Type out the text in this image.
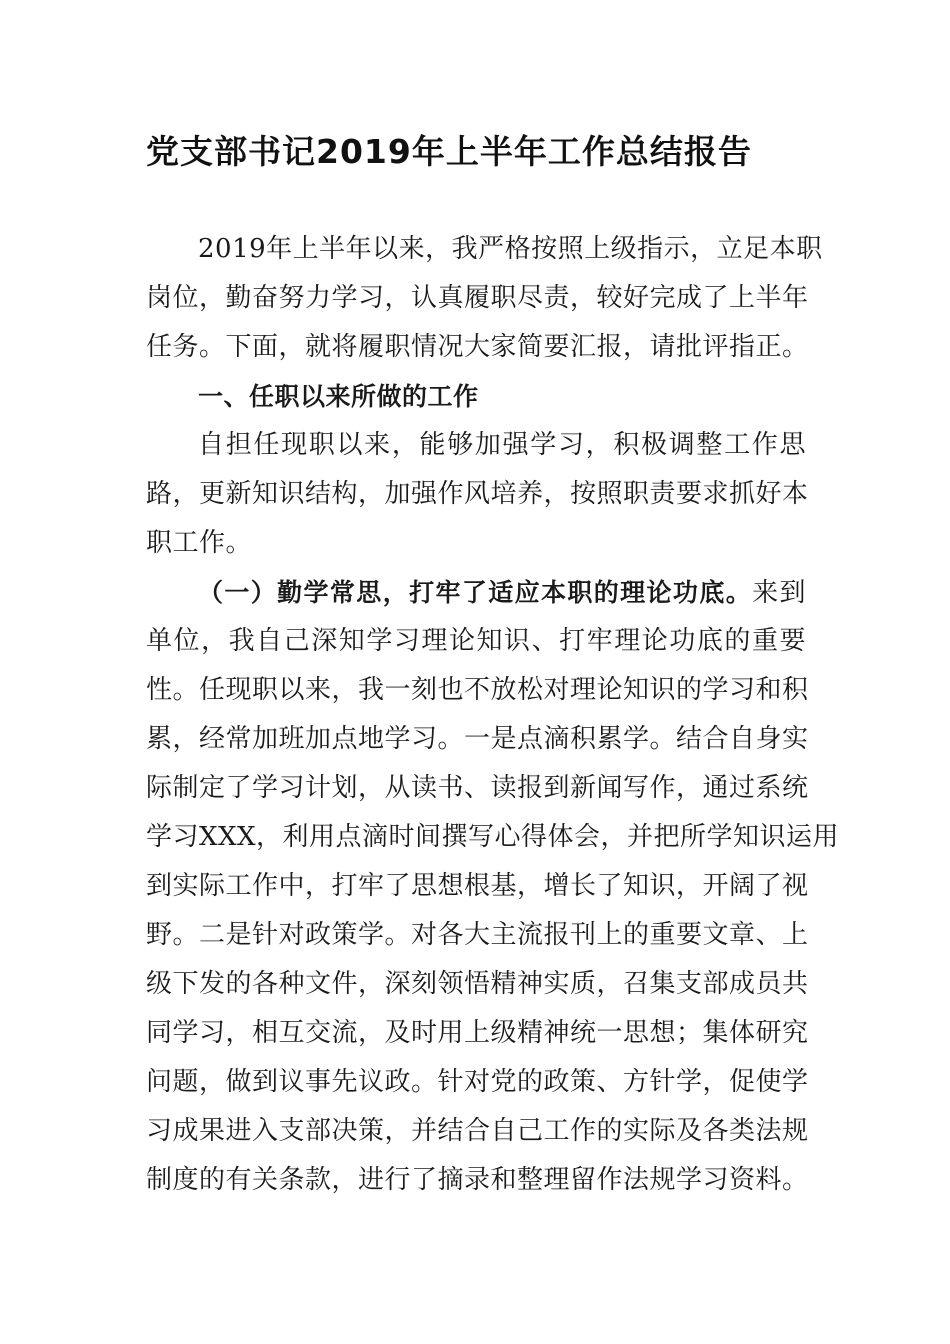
党支部书记2019年上半年工作总结报告
2019年上半年以来，我严格按照上级指示，立足本职
岗位，勤奋努力学习，认真履职尽责，较好完成了上半年
任务。下面，就将履职情况大家简要汇报，请批评指正。
一、任职以来所做的工作
自担任现职以来，能够加强学习，积极调整工作思
路，更新知识结构，加强作风培养，按照职责要求抓好本
职工作。
（一）勤学常思，打牢了适应本职的理论功底。来到
单位，我自己深知学习理论知识、打牢理论功底的重要
性。任现职以来，我一刻也不放松对理论知识的学习和积
累，经常加班加点地学习。一是点滴积累学。结合自身实
际制定了学习计划，从读书、读报到新闻写作，通过系统
学习XXX，利用点滴时间撰写心得体会，并把所学知识运用
到实际工作中，打牢了思想根基，增长了知识，开阔了视
野。二是针对政策学。对各大主流报刊上的重要文章、上
级下发的各种文件，深刻领悟精神实质，召集支部成员共
同学习，相互交流，及时用上级精神统一思想；集体研究
问题，做到议事先议政。针对党的政策、方针学，促使学
习成果进入支部决策，并结合自己工作的实际及各类法规
制度的有关条款，进行了摘录和整理留作法规学习资料。
